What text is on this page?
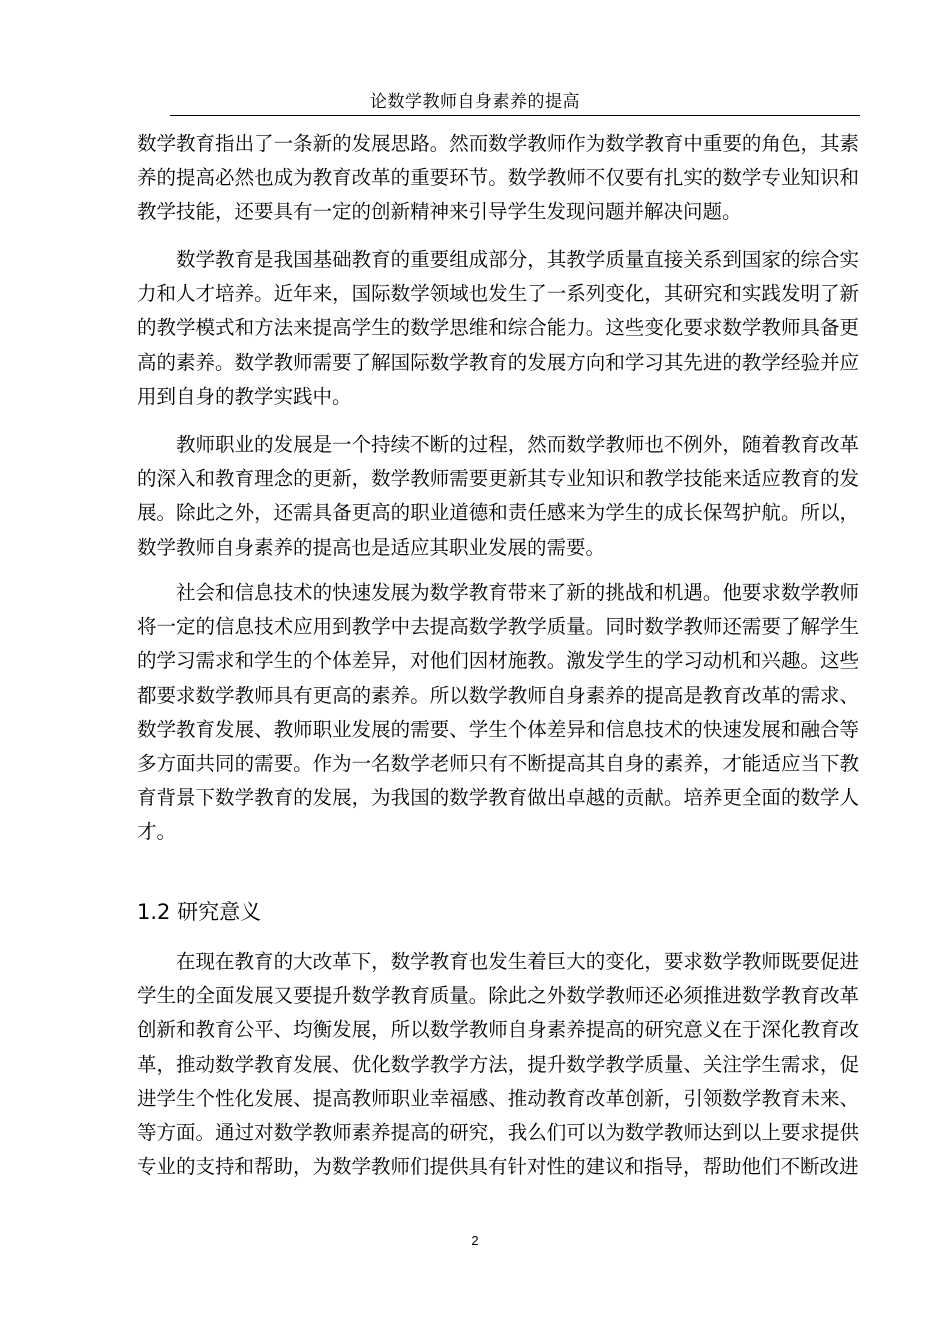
论数学教师自身素养的提高

数学教育指出了一条新的发展思路。然而数学教师作为数学教育中重要的角色，其素养的提高必然也成为教育改革的重要环节。数学教师不仅要有扎实的数学专业知识和教学技能，还要具有一定的创新精神来引导学生发现问题并解决问题。

数学教育是我国基础教育的重要组成部分，其教学质量直接关系到国家的综合实力和人才培养。近年来，国际数学领域也发生了一系列变化，其研究和实践发明了新的教学模式和方法来提高学生的数学思维和综合能力。这些变化要求数学教师具备更高的素养。数学教师需要了解国际数学教育的发展方向和学习其先进的教学经验并应用到自身的教学实践中。

教师职业的发展是一个持续不断的过程，然而数学教师也不例外，随着教育改革的深入和教育理念的更新，数学教师需要更新其专业知识和教学技能来适应教育的发展。除此之外，还需具备更高的职业道德和责任感来为学生的成长保驾护航。所以，数学教师自身素养的提高也是适应其职业发展的需要。

社会和信息技术的快速发展为数学教育带来了新的挑战和机遇。他要求数学教师将一定的信息技术应用到教学中去提高数学教学质量。同时数学教师还需要了解学生的学习需求和学生的个体差异，对他们因材施教。激发学生的学习动机和兴趣。这些都要求数学教师具有更高的素养。所以数学教师自身素养的提高是教育改革的需求、数学教育发展、教师职业发展的需要、学生个体差异和信息技术的快速发展和融合等多方面共同的需要。作为一名数学老师只有不断提高其自身的素养，才能适应当下教育背景下数学教育的发展，为我国的数学教育做出卓越的贡献。培养更全面的数学人才。

1.2 研究意义

在现在教育的大改革下，数学教育也发生着巨大的变化，要求数学教师既要促进学生的全面发展又要提升数学教育质量。除此之外数学教师还必须推进数学教育改革创新和教育公平、均衡发展，所以数学教师自身素养提高的研究意义在于深化教育改革，推动数学教育发展、优化数学教学方法，提升数学教学质量、关注学生需求，促进学生个性化发展、提高教师职业幸福感、推动教育改革创新，引领数学教育未来、等方面。通过对数学教师素养提高的研究，我么们可以为数学教师达到以上要求提供专业的支持和帮助，为数学教师们提供具有针对性的建议和指导，帮助他们不断改进

2
